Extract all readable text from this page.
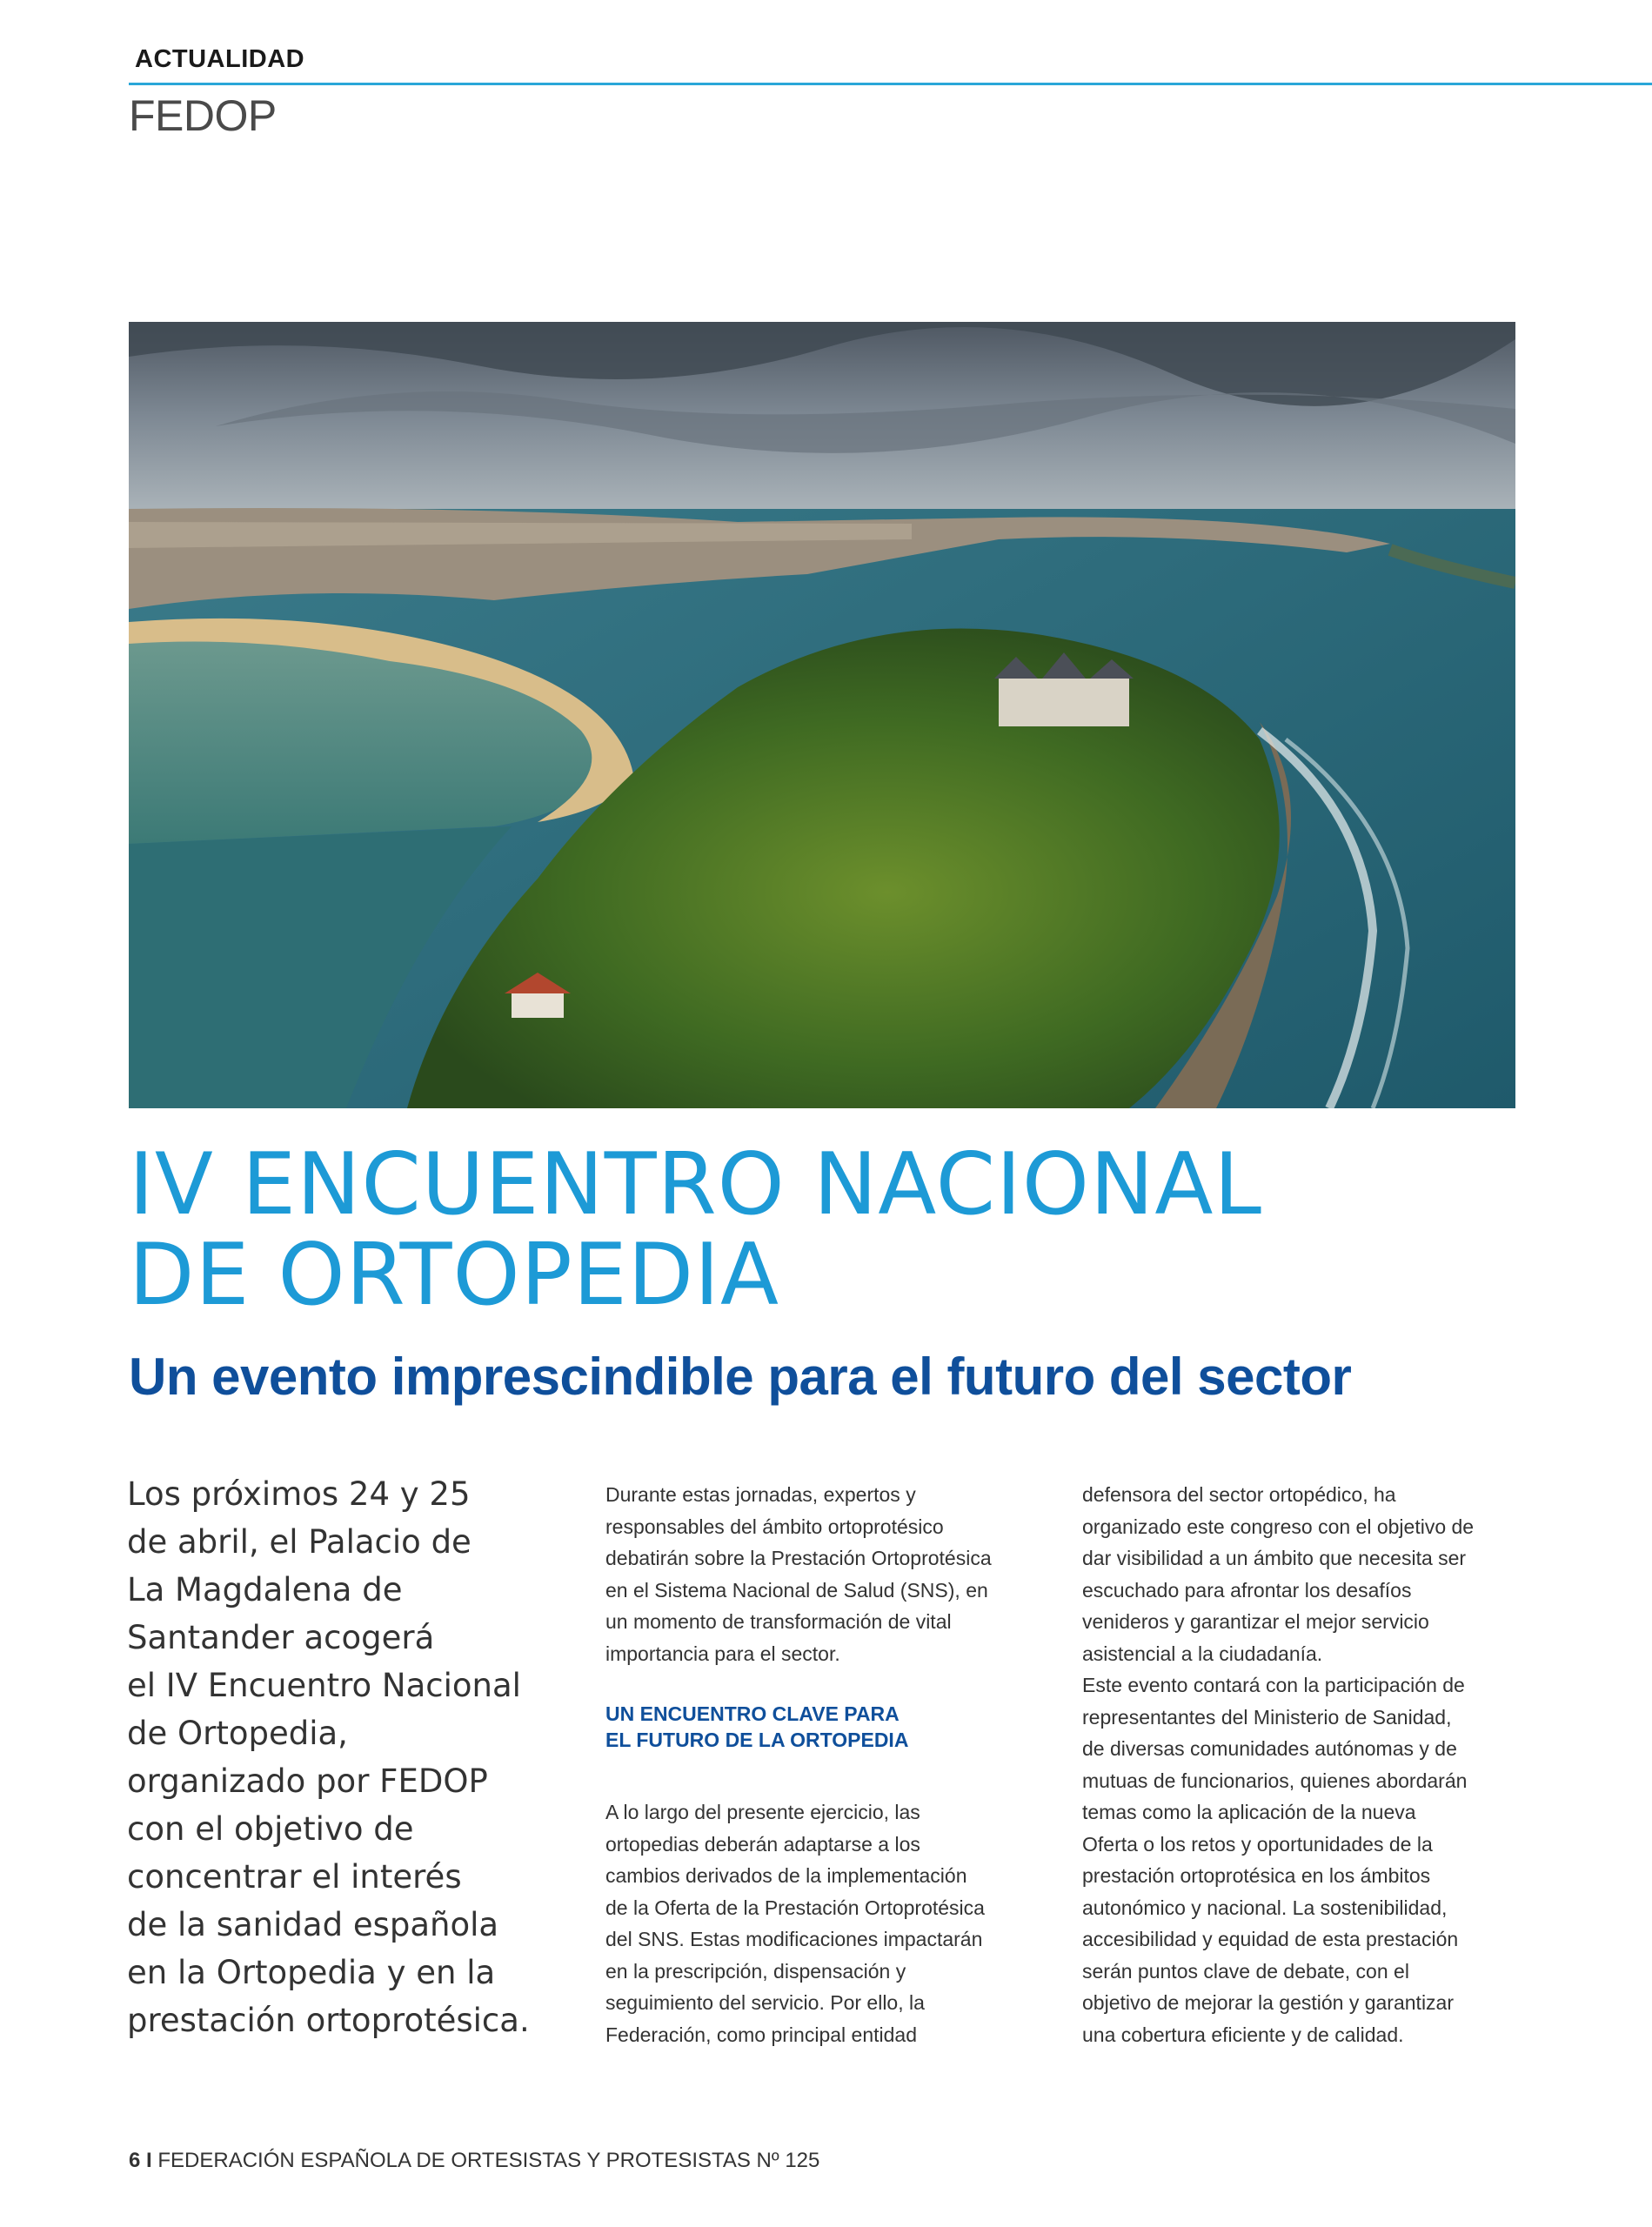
ACTUALIDAD
FEDOP
IV ENCUENTRO NACIONAL
DE ORTOPEDIA
Un evento imprescindible para el futuro del sector
Los próximos 24 y 25
de abril, el Palacio de
La Magdalena de
Santander acogerá
el IV Encuentro Nacional
de Ortopedia,
organizado por FEDOP
con el objetivo de
concentrar el interés
de la sanidad española
en la Ortopedia y en la
prestación ortoprotésica.
Durante estas jornadas, expertos y
responsables del ámbito ortoprotésico
debatirán sobre la Prestación Ortoprotésica
en el Sistema Nacional de Salud (SNS), en
un momento de transformación de vital
importancia para el sector.
UN ENCUENTRO CLAVE PARA
EL FUTURO DE LA ORTOPEDIA
A lo largo del presente ejercicio, las
ortopedias deberán adaptarse a los
cambios derivados de la implementación
de la Oferta de la Prestación Ortoprotésica
del SNS. Estas modificaciones impactarán
en la prescripción, dispensación y
seguimiento del servicio. Por ello, la
Federación, como principal entidad
defensora del sector ortopédico, ha
organizado este congreso con el objetivo de
dar visibilidad a un ámbito que necesita ser
escuchado para afrontar los desafíos
venideros y garantizar el mejor servicio
asistencial a la ciudadanía.
Este evento contará con la participación de
representantes del Ministerio de Sanidad,
de diversas comunidades autónomas y de
mutuas de funcionarios, quienes abordarán
temas como la aplicación de la nueva
Oferta o los retos y oportunidades de la
prestación ortoprotésica en los ámbitos
autonómico y nacional. La sostenibilidad,
accesibilidad y equidad de esta prestación
serán puntos clave de debate, con el
objetivo de mejorar la gestión y garantizar
una cobertura eficiente y de calidad.
6 I FEDERACIÓN ESPAÑOLA DE ORTESISTAS Y PROTESISTAS Nº 125
